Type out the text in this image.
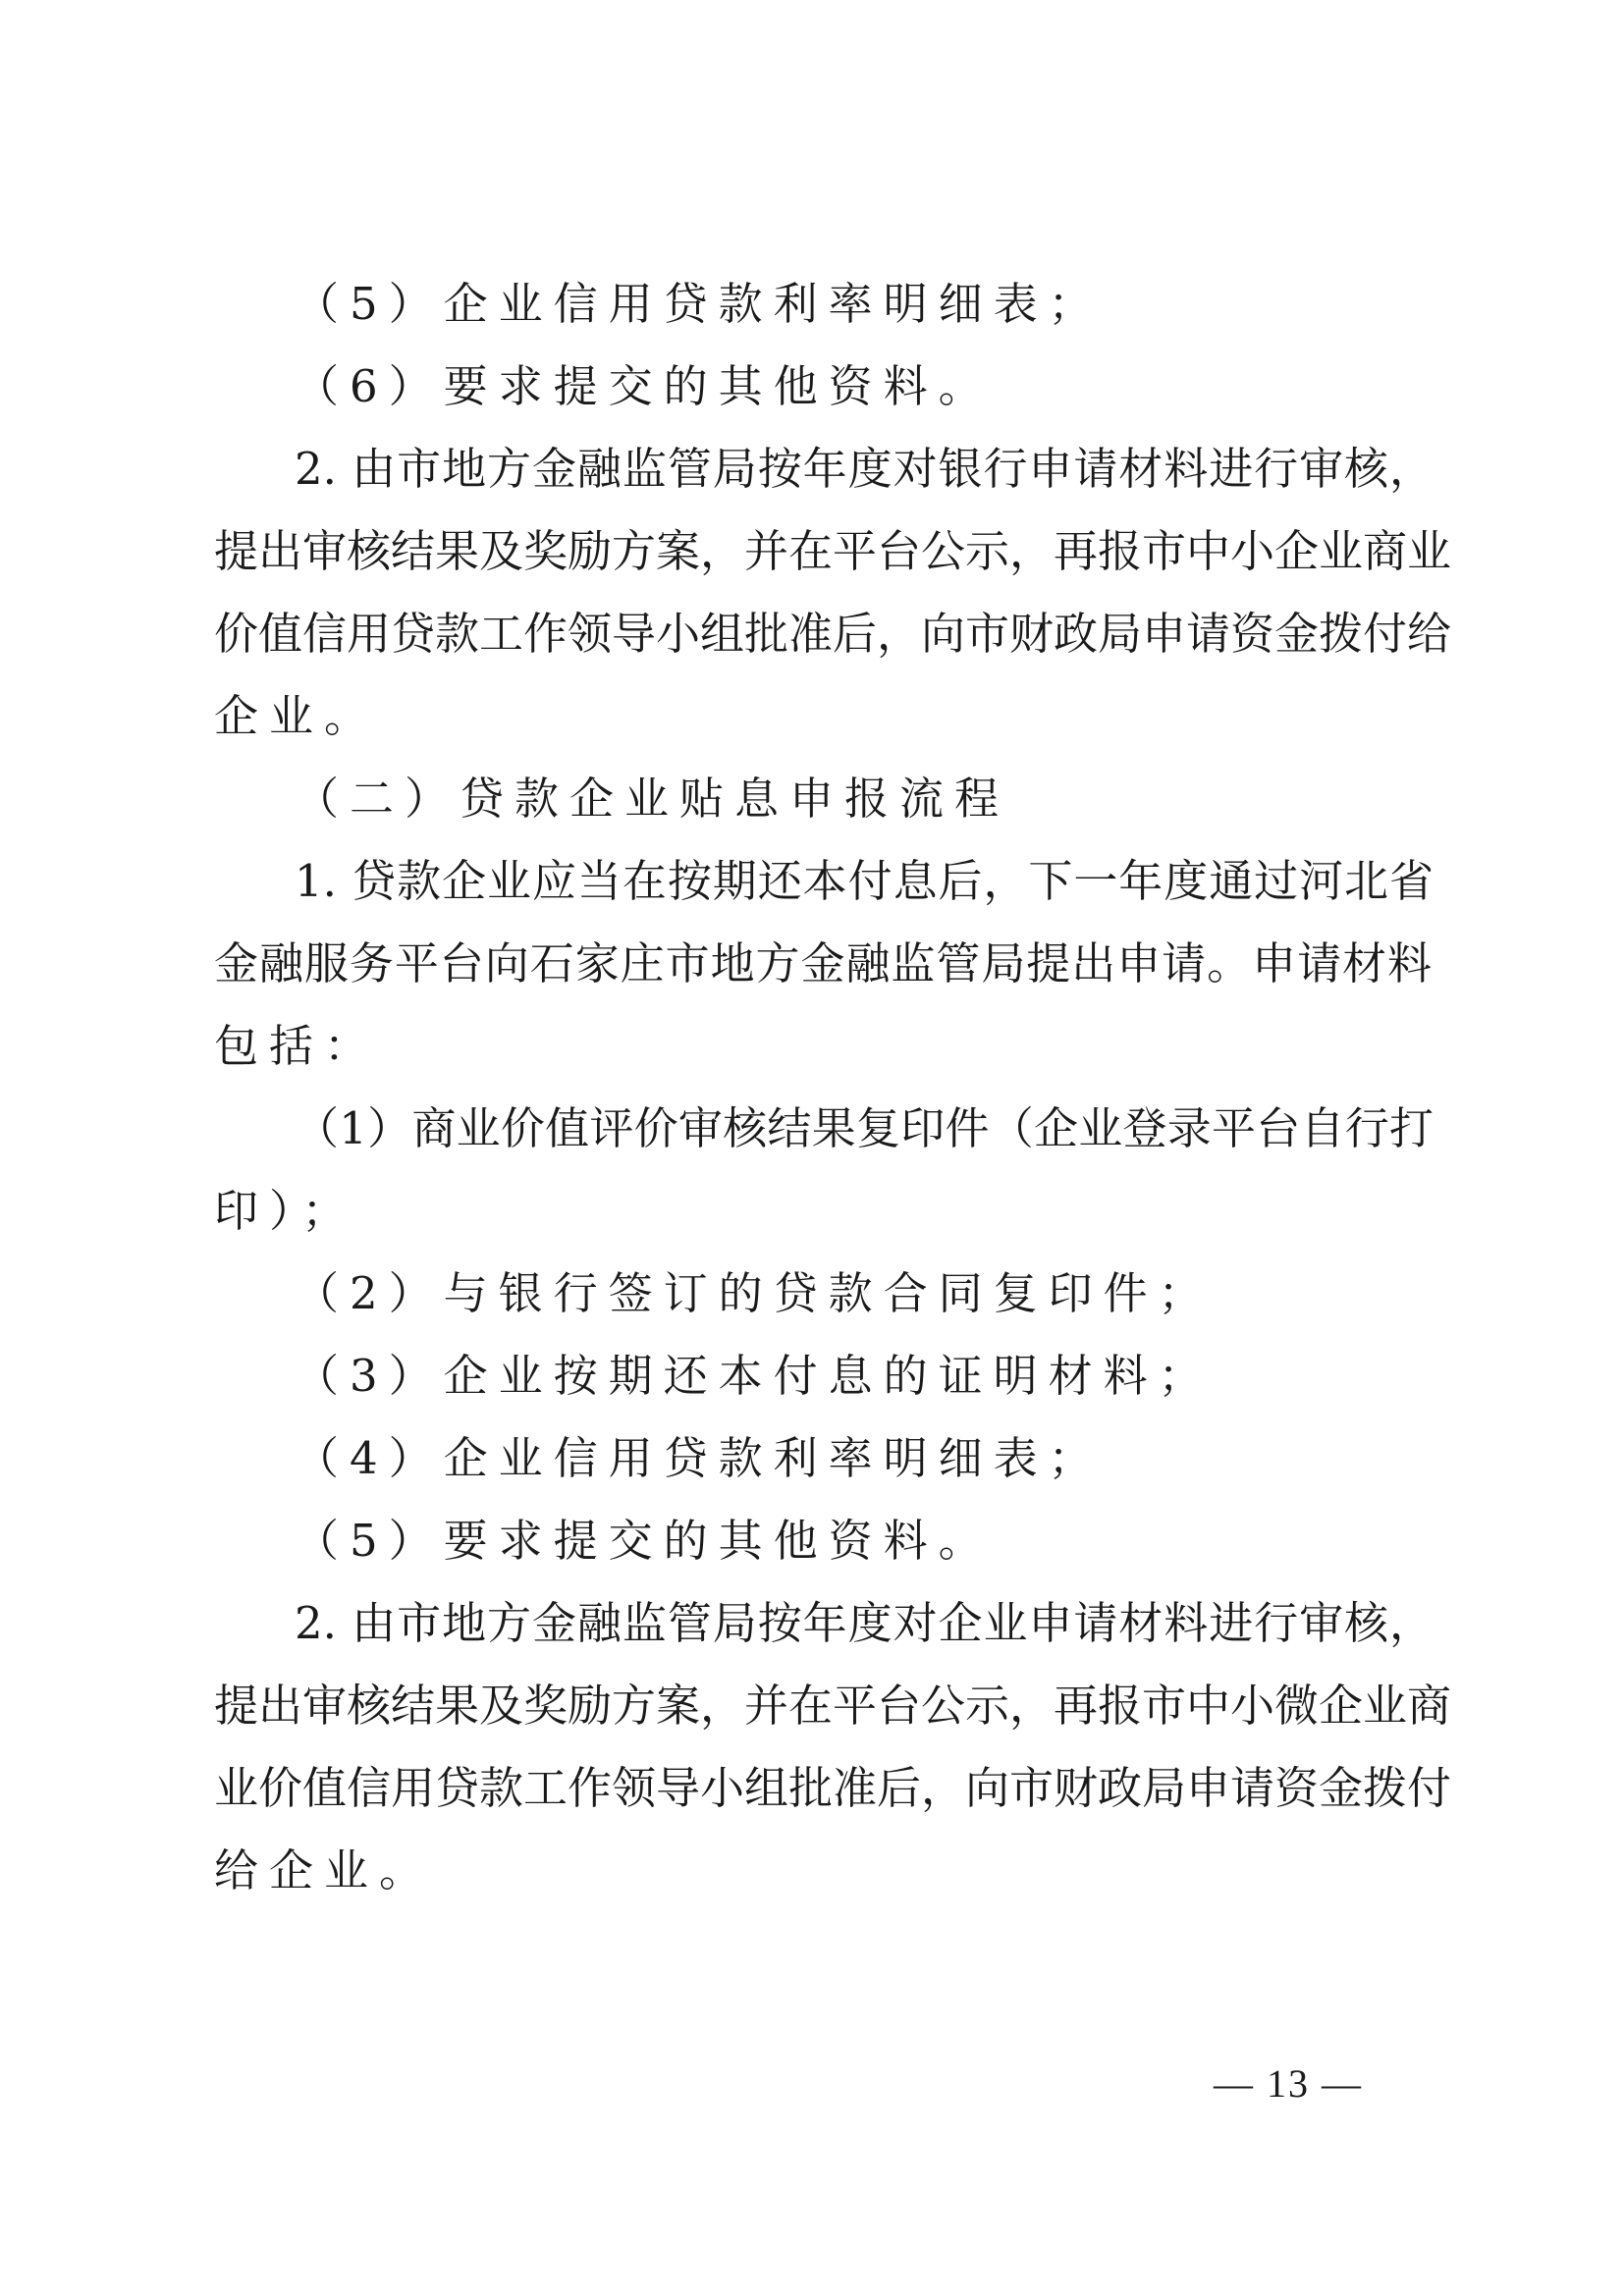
（5）企业信用贷款利率明细表；

（6）要求提交的其他资料。

2. 由市地方金融监管局按年度对银行申请材料进行审核，

提出审核结果及奖励方案，并在平台公示，再报市中小企业商业

价值信用贷款工作领导小组批准后，向市财政局申请资金拨付给

企业。

（二）贷款企业贴息申报流程

1. 贷款企业应当在按期还本付息后，下一年度通过河北省

金融服务平台向石家庄市地方金融监管局提出申请。申请材料

包括：

（1）商业价值评价审核结果复印件（企业登录平台自行打

印）；

（2）与银行签订的贷款合同复印件；

（3）企业按期还本付息的证明材料；

（4）企业信用贷款利率明细表；

（5）要求提交的其他资料。

2. 由市地方金融监管局按年度对企业申请材料进行审核，

提出审核结果及奖励方案，并在平台公示，再报市中小微企业商

业价值信用贷款工作领导小组批准后，向市财政局申请资金拨付

给企业。

— 13 —
